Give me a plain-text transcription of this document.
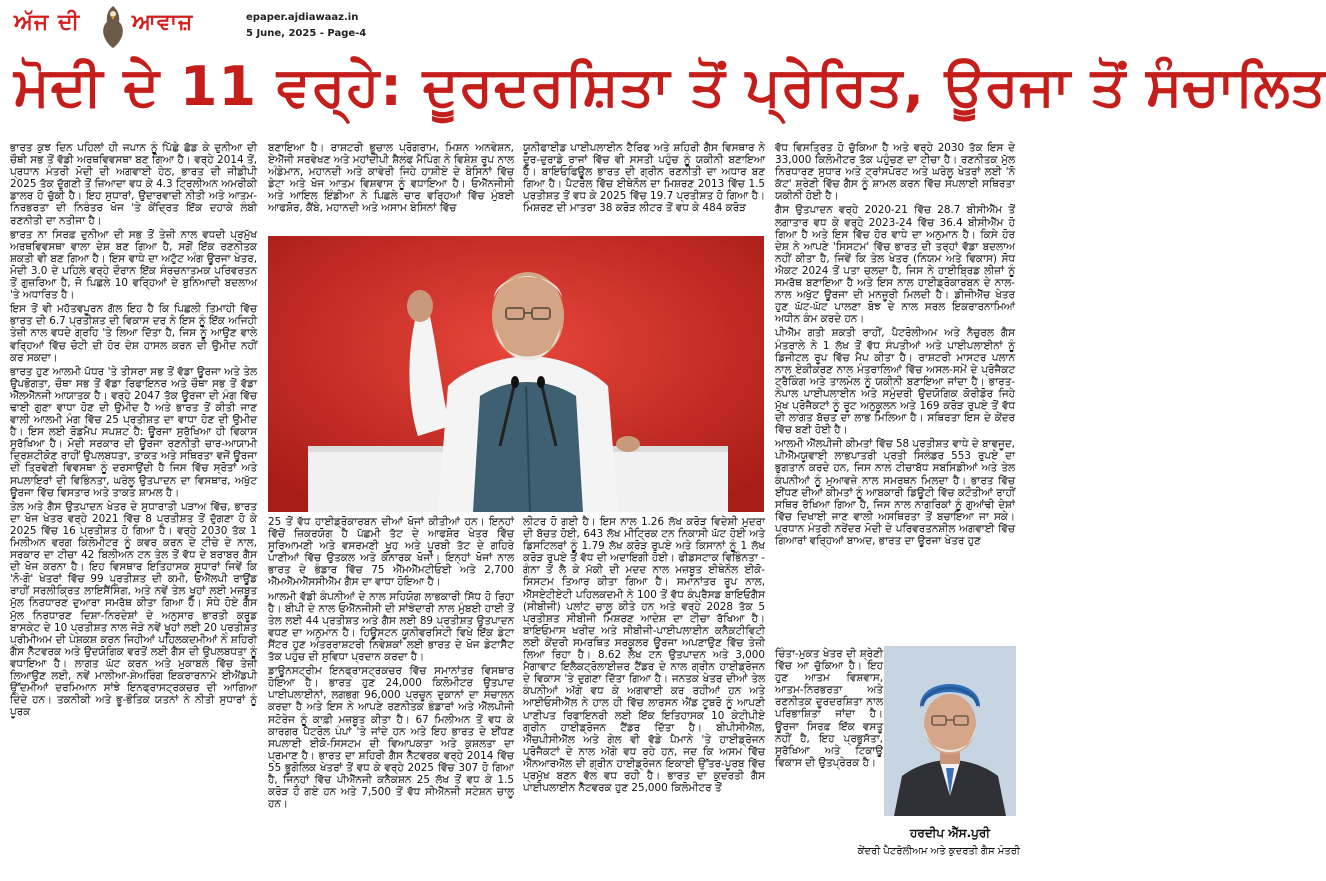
ਅੱਜ ਦੀ ਆਵਾਜ਼	epaper.ajdiawaaz.in
5 June, 2025 - Page-4
ਮੋਦੀ ਦੇ 11 ਵਰ੍ਹੇ: ਦੂਰਦਰਸ਼ਿਤਾ ਤੋਂ ਪ੍ਰੇਰਿਤ, ਊਰਜਾ ਤੋਂ ਸੰਚਾਲਿਤ

ਭਾਰਤ ਕੁਝ ਦਿਨ ਪਹਿਲਾਂ ਹੀ ਜਪਾਨ ਨੂੰ ਪਿੱਛੇ ਛੱਡ ਕੇ ਦੁਨੀਆ ਦੀ ਚੌਥੀ ਸਭ ਤੋਂ ਵੱਡੀ ਅਰਥਵਿਵਸਥਾ ਬਣ ਗਿਆ ਹੈ। ਵਰ੍ਹੇ 2014 ਤੋਂ, ਪ੍ਰਧਾਨ ਮੰਤਰੀ ਮੋਦੀ ਦੀ ਅਗਵਾਈ ਹੇਠ, ਭਾਰਤ ਦੀ ਜੀਡੀਪੀ 2025 ਤੱਕ ਦੁੱਗਣੀ ਤੋਂ ਜ਼ਿਆਦਾ ਵਧ ਕੇ 4.3 ਟ੍ਰਿਲੀਅਨ ਅਮਰੀਕੀ ਡਾਲਰ ਹੋ ਚੁੱਕੀ ਹੈ। ਇਹ ਸੁਧਾਰਾਂ, ਉਦਾਰਵਾਦੀ ਨੀਤੀ ਅਤੇ ਆਤਮ-ਨਿਰਭਰਤਾ ਦੀ ਨਿਰੰਤਰ ਖੋਜ 'ਤੇ ਕੇਂਦ੍ਰਿਤ ਇੱਕ ਦਹਾਕੇ ਲੰਬੀ ਰਣਨੀਤੀ ਦਾ ਨਤੀਜਾ ਹੈ।

ਭਾਰਤ ਨਾ ਸਿਰਫ਼ ਦੁਨੀਆ ਦੀ ਸਭ ਤੋਂ ਤੇਜ਼ੀ ਨਾਲ ਵਧਦੀ ਪ੍ਰਮੁੱਖ ਅਰਥਵਿਵਸਥਾ ਵਾਲਾ ਦੇਸ਼ ਬਣ ਗਿਆ ਹੈ, ਸਗੋਂ ਇੱਕ ਰਣਨੀਤਕ ਸ਼ਕਤੀ ਵੀ ਬਣ ਗਿਆ ਹੈ। ਇਸ ਵਾਧੇ ਦਾ ਅਟੁੱਟ ਅੰਗ ਊਰਜਾ ਖੇਤਰ, ਮੋਦੀ 3.0 ਦੇ ਪਹਿਲੇ ਵਰ੍ਹੇ ਦੌਰਾਨ ਇੱਕ ਸੰਰਚਨਾਤਮਕ ਪਰਿਵਰਤਨ ਤੋਂ ਗੁਜ਼ਰਿਆ ਹੈ, ਜੋ ਪਿਛਲੇ 10 ਵਰ੍ਹਿਆਂ ਦੇ ਬੁਨਿਆਦੀ ਬਦਲਾਅ 'ਤੇ ਅਧਾਰਿਤ ਹੈ।

ਇਸ ਤੋਂ ਵੀ ਮਹੱਤਵਪੂਰਨ ਗੱਲ ਇਹ ਹੈ ਕਿ ਪਿਛਲੀ ਤਿਮਾਹੀ ਵਿੱਚ ਭਾਰਤ ਦੀ 6.7 ਪ੍ਰਤੀਸ਼ਤ ਦੀ ਵਿਕਾਸ ਦਰ ਨੇ ਇਸ ਨੂੰ ਇੱਕ ਅਜਿਹੀ ਤੇਜ਼ੀ ਨਾਲ ਵਧਦੇ ਗ੍ਰਹਿ 'ਤੇ ਲਿਆ ਦਿੱਤਾ ਹੈ, ਜਿਸ ਨੂੰ ਆਉਣ ਵਾਲੇ ਵਰ੍ਹਿਆਂ ਵਿੱਚ ਚੋਟੀ ਦੀ ਹੋਰ ਦੇਸ਼ ਹਾਸਲ ਕਰਨ ਦੀ ਉਮੀਦ ਨਹੀਂ ਕਰ ਸਕਦਾ।

ਭਾਰਤ ਹੁਣ ਆਲਮੀ ਪੱਧਰ 'ਤੇ ਤੀਸਰਾ ਸਭ ਤੋਂ ਵੱਡਾ ਊਰਜਾ ਅਤੇ ਤੇਲ ਉਪਭੋਗਤਾ, ਚੌਥਾ ਸਭ ਤੋਂ ਵੱਡਾ ਰਿਫਾਇਨਰ ਅਤੇ ਚੌਥਾ ਸਭ ਤੋਂ ਵੱਡਾ ਐੱਲਐੱਨਜੀ ਆਯਾਤਕ ਹੈ। ਵਰ੍ਹੇ 2047 ਤੱਕ ਊਰਜਾ ਦੀ ਮੰਗ ਵਿੱਚ ਢਾਈ ਗੁਣਾ ਵਾਧਾ ਹੋਣ ਦੀ ਉਮੀਦ ਹੈ ਅਤੇ ਭਾਰਤ ਤੋਂ ਕੀਤੀ ਜਾਣ ਵਾਲੀ ਆਲਮੀ ਮੰਗ ਵਿੱਚ 25 ਪ੍ਰਤੀਸ਼ਤ ਦਾ ਵਾਧਾ ਹੋਣ ਦੀ ਉਮੀਦ ਹੈ। ਇਸ ਲਈ ਰੋਡਮੈਪ ਸਪਸ਼ਟ ਹੈ: ਊਰਜਾ ਸੁਰੱਖਿਆ ਹੀ ਵਿਕਾਸ ਸੁਰੱਖਿਆ ਹੈ। ਮੋਦੀ ਸਰਕਾਰ ਦੀ ਊਰਜਾ ਰਣਨੀਤੀ ਚਾਰ-ਆਯਾਮੀ ਦ੍ਰਿਸ਼ਟੀਕੋਣ ਰਾਹੀਂ ਉਪਲਬਧਤਾ, ਤਾਕਤ ਅਤੇ ਸਥਿਰਤਾ ਵਜੋਂ ਊਰਜਾ ਦੀ ਤ੍ਰਿਵੇਣੀ ਵਿਵਸਥਾ ਨੂੰ ਦਰਸਾਉਂਦੀ ਹੈ ਜਿਸ ਵਿੱਚ ਸ੍ਰੋਤਾਂ ਅਤੇ ਸਪਲਾਇਰਾਂ ਦੀ ਵਿਭਿੰਨਤਾ, ਘਰੇਲੂ ਉਤਪਾਦਨ ਦਾ ਵਿਸਥਾਰ, ਅਖੁੱਟ ਊਰਜਾ ਵਿੱਚ ਵਿਸਤਾਰ ਅਤੇ ਤਾਕਤ ਸ਼ਾਮਲ ਹੈ।

ਤੇਲ ਅਤੇ ਗੈਸ ਉਤਪਾਦਨ ਖੇਤਰ ਦੇ ਸੁਧਾਰਾਤੀ ਪੜਾਅ ਵਿੱਚ, ਭਾਰਤ ਦਾ ਖੋਜ ਖੇਤਰ ਵਰ੍ਹੇ 2021 ਵਿੱਚ 8 ਪ੍ਰਤੀਸ਼ਤ ਤੋਂ ਦੁੱਗਣਾ ਹੋ ਕੇ 2025 ਵਿੱਚ 16 ਪ੍ਰਤੀਸ਼ਤ ਹੋ ਗਿਆ ਹੈ। ਵਰ੍ਹੇ 2030 ਤੱਕ 1 ਮਿਲੀਅਨ ਵਰਗ ਕਿਲੋਮੀਟਰ ਨੂੰ ਕਵਰ ਕਰਨ ਦੇ ਟੀਚੇ ਦੇ ਨਾਲ, ਸਰਕਾਰ ਦਾ ਟੀਚਾ 42 ਬਿਲੀਅਨ ਟਨ ਤੇਲ ਤੋਂ ਵੱਧ ਦੇ ਬਰਾਬਰ ਗੈਸ ਦੀ ਖੋਜ ਕਰਨਾ ਹੈ। ਇਹ ਵਿਸਥਾਰ ਇਤਿਹਾਸਕ ਸੁਧਾਰਾਂ ਜਿਵੇਂ ਕਿ 'ਨੋ-ਗੋ' ਖੇਤਰਾਂ ਵਿੱਚ 99 ਪ੍ਰਤੀਸ਼ਤ ਦੀ ਕਮੀ, ਓਐੱਲਪੀ ਰਾਊਂਡ ਰਾਹੀਂ ਸਰਲੀਕ੍ਰਿਤ ਲਾਇਸੈਂਸਿੰਗ, ਅਤੇ ਨਵੇਂ ਤੇਲ ਖੂਹਾਂ ਲਈ ਮਜ਼ਬੂਤ ਮੁੱਲ ਨਿਰਧਾਰਣ ਦੁਆਰਾ ਸਮਰੱਥ ਕੀਤਾ ਗਿਆ ਹੈ। ਸੋਧੇ ਹੋਏ ਗੈਸ ਮੁੱਲ ਨਿਰਧਾਰਣ ਦਿਸ਼ਾ-ਨਿਰਦੇਸ਼ਾਂ ਦੇ ਅਨੁਸਾਰ ਭਾਰਤੀ ਕਰੂਡ ਬਾਸਕੇਟ ਦੇ 10 ਪ੍ਰਤੀਸ਼ਤ ਨਾਲ ਜੋੜੇ ਨਵੇਂ ਖੂਹਾਂ ਲਈ 20 ਪ੍ਰਤੀਸ਼ਤ ਪ੍ਰੀਮੀਅਮ ਦੀ ਪੇਸ਼ਕਸ਼ ਕਰਨ ਜਿਹੀਆਂ ਪਹਿਲਕਦਮੀਆਂ ਨੇ ਸ਼ਹਿਰੀ ਗੈਸ ਨੈੱਟਵਰਕ ਅਤੇ ਉਦਯੋਗਿਕ ਵਰਤੋਂ ਲਈ ਗੈਸ ਦੀ ਉਪਲਬਧਤਾ ਨੂੰ ਵਧਾਇਆ ਹੈ। ਲਾਗਤ ਘੱਟ ਕਰਨ ਅਤੇ ਮੁਕਾਬਲੇ ਵਿੱਚ ਤੇਜ਼ੀ ਲਿਆਉਣ ਲਈ, ਨਵੇਂ ਮਾਲੀਆ-ਸ਼ੇਅਰਿੰਗ ਇਕਰਾਰਨਾਮੇ ਈਐਂਡਪੀ ਉੱਦਮੀਆਂ ਦਰਮਿਆਨ ਸਾਂਝੇ ਇਨਫ੍ਰਾਸਟ੍ਰਕਚਰ ਦੀ ਆਗਿਆ ਦਿੰਦੇ ਹਨ। ਤਕਨੀਕੀ ਅਤੇ ਭੂ-ਭੌਤਿਕ ਯਤਨਾਂ ਨੇ ਨੀਤੀ ਸੁਧਾਰਾਂ ਨੂੰ ਪੂਰਕ

ਬਣਾਇਆ ਹੈ। ਰਾਸ਼ਟਰੀ ਭੂਚਾਲ ਪ੍ਰੋਗਰਾਮ, ਮਿਸ਼ਨ ਅਨਵੇਸ਼ਨ, ਏਐੱਜੀ ਸਰਵੇਖਣ ਅਤੇ ਮਹਾਂਦੀਪੀ ਸ਼ੈਲਫ ਮੈਪਿੰਗ ਨੇ ਵਿਸ਼ੇਸ਼ ਰੂਪ ਨਾਲ ਅੰਡੇਮਾਨ, ਮਹਾਨਦੀ ਅਤੇ ਕਾਵੇਰੀ ਜਿਹੇ ਹਾਸ਼ੀਏ ਦੇ ਬੇਸਿਨਾਂ ਵਿੱਚ ਡੇਟਾ ਅਤੇ ਖੋਜ ਆਤਮ ਵਿਸ਼ਵਾਸ ਨੂੰ ਵਧਾਇਆ ਹੈ। ਓਐੱਨਜੀਸੀ ਅਤੇ ਆਇਲ ਇੰਡੀਆ ਨੇ ਪਿਛਲੇ ਚਾਰ ਵਰ੍ਹਿਆਂ ਵਿੱਚ ਮੁੰਬਈ ਆਫਸ਼ੋਰ, ਕੈਂਬੇ, ਮਹਾਨਦੀ ਅਤੇ ਅਸਾਮ ਬੇਸਿਨਾਂ ਵਿੱਚ

ਯੂਨੀਫਾਈਡ ਪਾਈਪਲਾਈਨ ਟੈਰਿਫ ਅਤੇ ਸ਼ਹਿਰੀ ਗੈਸ ਵਿਸਥਾਰ ਨੇ ਦੂਰ-ਦੁਰਾਡੇ ਰਾਜਾਂ ਵਿੱਚ ਵੀ ਸਸਤੀ ਪਹੁੰਚ ਨੂੰ ਯਕੀਨੀ ਬਣਾਇਆ ਹੈ। ਬਾਇਓਫਿਊਲ ਭਾਰਤ ਦੀ ਗ੍ਰੀਨ ਰਣਨੀਤੀ ਦਾ ਅਧਾਰ ਬਣ ਗਿਆ ਹੈ। ਪੈਟਰੋਲ ਵਿੱਚ ਈਥੇਨੌਲ ਦਾ ਮਿਸ਼ਰਣ 2013 ਵਿੱਚ 1.5 ਪ੍ਰਤੀਸ਼ਤ ਤੋਂ ਵਧ ਕੇ 2025 ਵਿੱਚ 19.7 ਪ੍ਰਤੀਸ਼ਤ ਹੋ ਗਿਆ ਹੈ। ਮਿਸ਼ਰਣ ਦੀ ਮਾਤਰਾ 38 ਕਰੋੜ ਲੀਟਰ ਤੋਂ ਵਧ ਕੇ 484 ਕਰੋੜ

25 ਤੋਂ ਵੱਧ ਹਾਈਡ੍ਰੋਕਾਰਬਨ ਦੀਆਂ ਖੋਜਾਂ ਕੀਤੀਆਂ ਹਨ। ਇਨ੍ਹਾਂ ਵਿੱਚੋਂ ਜ਼ਿਕਰਯੋਗ ਹੈ ਪੱਛਮੀ ਤੱਟ ਦੇ ਆਫਸ਼ੋਰ ਖੇਤਰ ਵਿੱਚ ਸੂਰਿਆਮਣੀ ਅਤੇ ਵਸਰਮਣੀ ਖੂਹ ਅਤੇ ਪੂਰਬੀ ਤੱਟ ਦੇ ਗਹਿਰੇ ਪਾਣੀਆਂ ਵਿੱਚ ਉਤਕਲ ਅਤੇ ਕੋਨਾਰਕ ਖੋਜਾਂ। ਇਨ੍ਹਾਂ ਖੋਜਾਂ ਨਾਲ ਭਾਰਤ ਦੇ ਭੰਡਾਰ ਵਿੱਚ 75 ਐੱਮਐੱਮਟੀਓਈ ਅਤੇ 2,700 ਐੱਮਐੱਮਐੱਸਸੀਐੱਮ ਗੈਸ ਦਾ ਵਾਧਾ ਹੋਇਆ ਹੈ।

ਆਲਮੀ ਵੱਡੀ ਕੰਪਨੀਆਂ ਦੇ ਨਾਲ ਸਹਿਯੋਗ ਲਾਭਕਾਰੀ ਸਿੱਧ ਹੋ ਰਿਹਾ ਹੈ। ਬੀਪੀ ਦੇ ਨਾਲ ਓਐੱਨਜੀਸੀ ਦੀ ਸਾਂਝੇਦਾਰੀ ਨਾਲ ਮੁੰਬਈ ਹਾਈ ਤੋਂ ਤੇਲ ਲਈ 44 ਪ੍ਰਤੀਸ਼ਤ ਅਤੇ ਗੈਸ ਲਈ 89 ਪ੍ਰਤੀਸ਼ਤ ਉਤਪਾਦਨ ਵਧਣ ਦਾ ਅਨੁਮਾਨ ਹੈ। ਹਿਊਸਟਨ ਯੂਨੀਵਰਸਿਟੀ ਵਿਖੇ ਇੱਕ ਡੇਟਾ ਸੈਂਟਰ ਹੁਣ ਅੰਤਰਰਾਸ਼ਟਰੀ ਨਿਵੇਸ਼ਕਾਂ ਲਈ ਭਾਰਤ ਦੇ ਖੋਜ ਡੇਟਾਸੈੱਟ ਤੱਕ ਪਹੁੰਚ ਦੀ ਸੁਵਿਧਾ ਪ੍ਰਦਾਨ ਕਰਦਾ ਹੈ।

ਡਾਊਨਸਟ੍ਰੀਮ ਇਨਫ੍ਰਾਸਟ੍ਰਕਚਰ ਵਿੱਚ ਸਮਾਨਾਂਤਰ ਵਿਸਥਾਰ ਹੋਇਆ ਹੈ। ਭਾਰਤ ਹੁਣ 24,000 ਕਿਲੋਮੀਟਰ ਉਤਪਾਦ ਪਾਈਪਲਾਈਨਾਂ, ਲਗਭਗ 96,000 ਪ੍ਰਚੂਨ ਦੁਕਾਨਾਂ ਦਾ ਸੰਚਾਲਨ ਕਰਦਾ ਹੈ ਅਤੇ ਇਸ ਨੇ ਆਪਣੇ ਰਣਨੀਤਕ ਭੰਡਾਰਾਂ ਅਤੇ ਐੱਲਪੀਜੀ ਸਟੋਰੇਜ ਨੂੰ ਕਾਫ਼ੀ ਮਜ਼ਬੂਤ ਕੀਤਾ ਹੈ। 67 ਮਿਲੀਅਨ ਤੋਂ ਵਧ ਕੇ ਕਾਰਗਰ ਪੈਟਰੋਲ ਪੰਪਾਂ 'ਤੇ ਜਾਂਦੇ ਹਨ ਅਤੇ ਇਹ ਭਾਰਤ ਦੇ ਈਂਧਣ ਸਪਲਾਈ ਈਕੋ-ਸਿਸਟਮ ਦੀ ਵਿਆਪਕਤਾ ਅਤੇ ਕੁਸ਼ਲਤਾ ਦਾ ਪ੍ਰਮਾਣ ਹੈ। ਭਾਰਤ ਦਾ ਸ਼ਹਿਰੀ ਗੈਸ ਨੈੱਟਵਰਕ ਵਰ੍ਹੇ 2014 ਵਿੱਚ 55 ਭੂਗੋਲਿਕ ਖੇਤਰਾਂ ਤੋਂ ਵਧ ਕੇ ਵਰ੍ਹੇ 2025 ਵਿੱਚ 307 ਹੋ ਗਿਆ ਹੈ, ਜਿਨ੍ਹਾਂ ਵਿੱਚ ਪੀਐੱਨਜੀ ਕਨੈਕਸ਼ਨ 25 ਲੱਖ ਤੋਂ ਵਧ ਕੇ 1.5 ਕਰੋੜ ਹੋ ਗਏ ਹਨ ਅਤੇ 7,500 ਤੋਂ ਵੱਧ ਸੀਐੱਨਜੀ ਸਟੇਸ਼ਨ ਚਾਲੂ ਹਨ।

ਲੀਟਰ ਹੋ ਗਈ ਹੈ। ਇਸ ਨਾਲ 1.26 ਲੱਖ ਕਰੋੜ ਵਿਦੇਸ਼ੀ ਮੁਦਰਾ ਦੀ ਬੱਚਤ ਹੋਈ, 643 ਲੱਖ ਮੀਟ੍ਰਿਕ ਟਨ ਨਿਕਾਸੀ ਘੱਟ ਹੋਈ ਅਤੇ ਡਿਸਟਿਲਰਾਂ ਨੂੰ 1.79 ਲੱਖ ਕਰੋੜ ਰੁਪਏ ਅਤੇ ਕਿਸਾਨਾਂ ਨੂੰ 1 ਲੱਖ ਕਰੋੜ ਰੁਪਏ ਤੋਂ ਵੱਧ ਦੀ ਅਦਾਇਗੀ ਹੋਈ। ਫੀਡਸਟਾਕ ਵਿਭਿੰਨਤਾ - ਗੰਨਾ ਤੋਂ ਲੈ ਕੇ ਮੱਕੀ ਦੀ ਮਦਦ ਨਾਲ ਮਜ਼ਬੂਤ ਈਥੇਨੌਲ ਈਕੋ-ਸਿਸਟਮ ਤਿਆਰ ਕੀਤਾ ਗਿਆ ਹੈ। ਸਮਾਨਾਂਤਰ ਰੂਪ ਨਾਲ, ਐੱਸਏਟੀਏਟੀ ਪਹਿਲਕਦਮੀ ਨੇ 100 ਤੋਂ ਵੱਧ ਕੰਪ੍ਰੈਸਡ ਬਾਇਓਗੈਸ (ਸੀਬੀਜੀ) ਪਲਾਂਟ ਚਾਲੂ ਕੀਤੇ ਹਨ ਅਤੇ ਵਰ੍ਹੇ 2028 ਤੱਕ 5 ਪ੍ਰਤੀਸ਼ਤ ਸੀਬੀਜੀ ਮਿਸ਼ਰਣ ਆਦੇਸ਼ ਦਾ ਟੀਚਾ ਰੱਖਿਆ ਹੈ। ਬਾਇਓਮਾਸ ਖਰੀਦ ਅਤੇ ਸੀਬੀਜੀ-ਪਾਈਪਲਾਈਨ ਕਨੈਕਟੀਵਿਟੀ ਲਈ ਕੇਂਦਰੀ ਸਮਰਥਿਤ ਸਰਕੂਲਰ ਊਰਜਾ ਅਪਣਾਉਣ ਵਿੱਚ ਤੇਜ਼ੀ ਲਿਆ ਰਿਹਾ ਹੈ। 8.62 ਲੱਖ ਟਨ ਉਤਪਾਦਨ ਅਤੇ 3,000 ਮੈਗਾਵਾਟ ਇਲੈਕਟ੍ਰੋਲਾਈਜ਼ਰ ਟੈਂਡਰ ਦੇ ਨਾਲ ਗ੍ਰੀਨ ਹਾਈਡ੍ਰੋਜਨ ਦੇ ਵਿਕਾਸ 'ਤੇ ਦੁਗਣਾ ਦਿੱਤਾ ਗਿਆ ਹੈ। ਜਨਤਕ ਖੇਤਰ ਦੀਆਂ ਤੇਲ ਕੰਪਨੀਆਂ ਅੱਗੇ ਵਧ ਕੇ ਅਗਵਾਈ ਕਰ ਰਹੀਆਂ ਹਨ ਅਤੇ ਆਈਓਸੀਐੱਲ ਨੇ ਹਾਲ ਹੀ ਵਿੱਚ ਲਾਰਸਨ ਐਂਡ ਟੂਬਰੋ ਨੂੰ ਆਪਣੀ ਪਾਣੀਪਤ ਰਿਫਾਇਨਰੀ ਲਈ ਇੱਕ ਇਤਿਹਾਸਕ 10 ਕੇਟੀਪੀਏ ਗ੍ਰੀਨ ਹਾਈਡ੍ਰੋਜਨ ਟੈਂਡਰ ਦਿੱਤਾ ਹੈ। ਬੀਪੀਸੀਐੱਲ, ਐੱਚਪੀਸੀਐੱਲ ਅਤੇ ਗੇਲ ਵੀ ਵੱਡੇ ਪੈਮਾਨੇ 'ਤੇ ਹਾਈਡ੍ਰੋਜਨ ਪ੍ਰੋਜੈਕਟਾਂ ਦੇ ਨਾਲ ਅੱਗੇ ਵਧ ਰਹੇ ਹਨ, ਜਦ ਕਿ ਅਸਮ ਵਿੱਚ ਐੱਨਆਰਐੱਲ ਦੀ ਗ੍ਰੀਨ ਹਾਈਡ੍ਰੋਜਨ ਇਕਾਈ ਉੱਤਰ-ਪੂਰਬ ਵਿੱਚ ਪ੍ਰਮੁੱਖ ਬਣਨ ਵੱਲ ਵਧ ਰਹੀ ਹੈ। ਭਾਰਤ ਦਾ ਕੁਦਰਤੀ ਗੈਸ ਪਾਈਪਲਾਈਨ ਨੈੱਟਵਰਕ ਹੁਣ 25,000 ਕਿਲੋਮੀਟਰ ਤੋਂ

ਵੱਧ ਵਿਸਤ੍ਰਿਤ ਹੋ ਚੁੱਕਿਆ ਹੈ ਅਤੇ ਵਰ੍ਹੇ 2030 ਤੱਕ ਇਸ ਦੇ 33,000 ਕਿਲੋਮੀਟਰ ਤੱਕ ਪਹੁੰਚਣ ਦਾ ਟੀਚਾ ਹੈ। ਰਣਨੀਤਕ ਮੁੱਲ ਨਿਰਧਾਰਣ ਸੁਧਾਰ ਅਤੇ ਟ੍ਰਾਂਸਪੋਰਟ ਅਤੇ ਘਰੇਲੂ ਖੇਤਰਾਂ ਲਈ 'ਨੋ ਕੱਟ' ਸ਼੍ਰੇਣੀ ਵਿੱਚ ਗੈਸ ਨੂੰ ਸ਼ਾਮਲ ਕਰਨ ਵਿੱਚ ਸਪਲਾਈ ਸਥਿਰਤਾ ਯਕੀਨੀ ਹੋਈ ਹੈ।

ਗੈਸ ਉਤਪਾਦਨ ਵਰ੍ਹੇ 2020-21 ਵਿੱਚ 28.7 ਬੀਸੀਐੱਮ ਤੋਂ ਲਗਾਤਾਰ ਵਧ ਕੇ ਵਰ੍ਹੇ 2023-24 ਵਿੱਚ 36.4 ਬੀਸੀਐੱਮ ਹੋ ਗਿਆ ਹੈ ਅਤੇ ਇਸ ਵਿੱਚ ਹੋਰ ਵਾਧੇ ਦਾ ਅਨੁਮਾਨ ਹੈ। ਕਿਸੇ ਹੋਰ ਦੇਸ਼ ਨੇ ਆਪਣੇ 'ਸਿਸਟਮ' ਵਿੱਚ ਭਾਰਤ ਦੀ ਤਰ੍ਹਾਂ ਵੱਡਾ ਬਦਲਾਅ ਨਹੀਂ ਕੀਤਾ ਹੈ, ਜਿਵੇਂ ਕਿ ਤੇਲ ਖੇਤਰ (ਨਿਯਮ ਅਤੇ ਵਿਕਾਸ) ਸੋਧ ਐਕਟ 2024 ਤੋਂ ਪਤਾ ਚਲਦਾ ਹੈ, ਜਿਸ ਨੇ ਹਾਈਬ੍ਰਿਡ ਲੀਜ਼ਾਂ ਨੂੰ ਸਮਰੱਥ ਬਣਾਇਆ ਹੈ ਅਤੇ ਇਸ ਨਾਲ ਹਾਈਡ੍ਰੋਕਾਰਬਨ ਦੇ ਨਾਲ-ਨਾਲ ਅਖੁੱਟ ਊਰਜਾ ਦੀ ਮਨਜ਼ੂਰੀ ਮਿਲਦੀ ਹੈ। ਡੀਜੀਐੱਚ ਖੇਤਰ ਹੁਣ ਘੱਟ-ਘੱਟ ਪਾਲਣਾ ਬੋਝ ਦੇ ਨਾਲ ਸਰਲ ਇਕਰਾਰਨਾਮਿਆਂ ਅਧੀਨ ਕੰਮ ਕਰਦੇ ਹਨ।

ਪੀਐੱਮ ਗਤੀ ਸ਼ਕਤੀ ਰਾਹੀਂ, ਪੈਟਰੋਲੀਅਮ ਅਤੇ ਨੈਚੁਰਲ ਗੈਸ ਮੰਤਰਾਲੇ ਨੇ 1 ਲੱਖ ਤੋਂ ਵੱਧ ਸੰਪਤੀਆਂ ਅਤੇ ਪਾਈਪਲਾਈਨਾਂ ਨੂੰ ਡਿਜੀਟਲ ਰੂਪ ਵਿੱਚ ਮੈਪ ਕੀਤਾ ਹੈ। ਰਾਸ਼ਟਰੀ ਮਾਸਟਰ ਪਲਾਨ ਨਾਲ ਏਕੀਕਰਣ ਨਾਲ ਮੰਤਰਾਲਿਆਂ ਵਿੱਚ ਅਸਲ-ਸਮੇਂ ਦੇ ਪ੍ਰੋਜੈਕਟ ਟ੍ਰੈਕਿੰਗ ਅਤੇ ਤਾਲਮੇਲ ਨੂੰ ਯਕੀਨੀ ਬਣਾਇਆ ਜਾਂਦਾ ਹੈ। ਭਾਰਤ-ਨੇਪਾਲ ਪਾਈਪਲਾਈਨ ਅਤੇ ਸਮੁੰਦਰੀ ਉਦਯੋਗਿਕ ਕੋਰੀਡੋਰ ਜਿਹੇ ਮੁੱਖ ਪ੍ਰੋਜੈਕਟਾਂ ਨੂੰ ਰੂਟ ਅਨੁਕੂਲਨ ਅਤੇ 169 ਕਰੋੜ ਰੁਪਏ ਤੋਂ ਵੱਧ ਦੀ ਲਾਗਤ ਬੱਚਤ ਦਾ ਲਾਭ ਮਿਲਿਆ ਹੈ। ਸਥਿਰਤਾ ਇਸ ਦੇ ਕੇਂਦਰ ਵਿੱਚ ਬਣੀ ਹੋਈ ਹੈ।

ਆਲਮੀ ਐੱਲਪੀਜੀ ਕੀਮਤਾਂ ਵਿੱਚ 58 ਪ੍ਰਤੀਸ਼ਤ ਵਾਧੇ ਦੇ ਬਾਵਜੂਦ, ਪੀਐੱਮਯੂਵਾਈ ਲਾਭਪਾਤਰੀ ਪ੍ਰਤੀ ਸਿਲੰਡਰ 553 ਰੁਪਏ ਦਾ ਭੁਗਤਾਨ ਕਰਦੇ ਹਨ, ਜਿਸ ਨਾਲ ਟੀਚਾਬੱਧ ਸਬਸਿਡੀਆਂ ਅਤੇ ਤੇਲ ਕੰਪਨੀਆਂ ਨੂੰ ਮੁਆਵਜ਼ੇ ਨਾਲ ਸਮਰਥਨ ਮਿਲਦਾ ਹੈ। ਭਾਰਤ ਵਿੱਚ ਈਂਧਣ ਦੀਆਂ ਕੀਮਤਾਂ ਨੂੰ ਆਬਕਾਰੀ ਡਿਊਟੀ ਵਿੱਚ ਕਟੌਤੀਆਂ ਰਾਹੀਂ ਸਥਿਰ ਰੱਖਿਆ ਗਿਆ ਹੈ, ਜਿਸ ਨਾਲ ਨਾਗਰਿਕਾਂ ਨੂੰ ਗੁਆਂਢੀ ਦੇਸ਼ਾਂ ਵਿੱਚ ਦਿਖਾਈ ਜਾਣ ਵਾਲੀ ਅਸਥਿਰਤਾ ਤੋਂ ਬਚਾਇਆ ਜਾ ਸਕੇ। ਪ੍ਰਧਾਨ ਮੰਤਰੀ ਨਰੇਂਦਰ ਮੋਦੀ ਦੇ ਪਰਿਵਰਤਨਸ਼ੀਲ ਅਗਵਾਈ ਵਿੱਚ ਗਿਆਰਾਂ ਵਰ੍ਹਿਆਂ ਬਾਅਦ, ਭਾਰਤ ਦਾ ਊਰਜਾ ਖੇਤਰ ਹੁਣ

ਚਿੰਤਾ-ਮੁਕਤ ਖੇਤਰ ਦੀ ਸ਼੍ਰੇਣੀ ਵਿੱਚ ਆ ਚੁੱਕਿਆ ਹੈ। ਇਹ ਹੁਣ ਆਤਮ ਵਿਸ਼ਵਾਸ, ਆਤਮ-ਨਿਰਭਰਤਾ ਅਤੇ ਰਣਨੀਤਕ ਦੂਰਦਰਸ਼ਿਤਾ ਨਾਲ ਪਰਿਭਾਸ਼ਿਤਾ ਜਾਂਦਾ ਹੈ। ਊਰਜਾ ਸਿਰਫ਼ ਇੱਕ ਵਸਤੂ ਨਹੀਂ ਹੈ, ਇਹ ਪ੍ਰਭੁਸੱਤਾ, ਸੁਰੱਖਿਆ ਅਤੇ ਟਿਕਾਊ ਵਿਕਾਸ ਦੀ ਉਤਪ੍ਰੇਰਕ ਹੈ।

ਹਰਦੀਪ ਐੱਸ.ਪੁਰੀ
ਕੇਂਦਰੀ ਪੈਟਰੋਲੀਅਮ ਅਤੇ ਕੁਦਰਤੀ ਗੈਸ ਮੰਤਰੀ
